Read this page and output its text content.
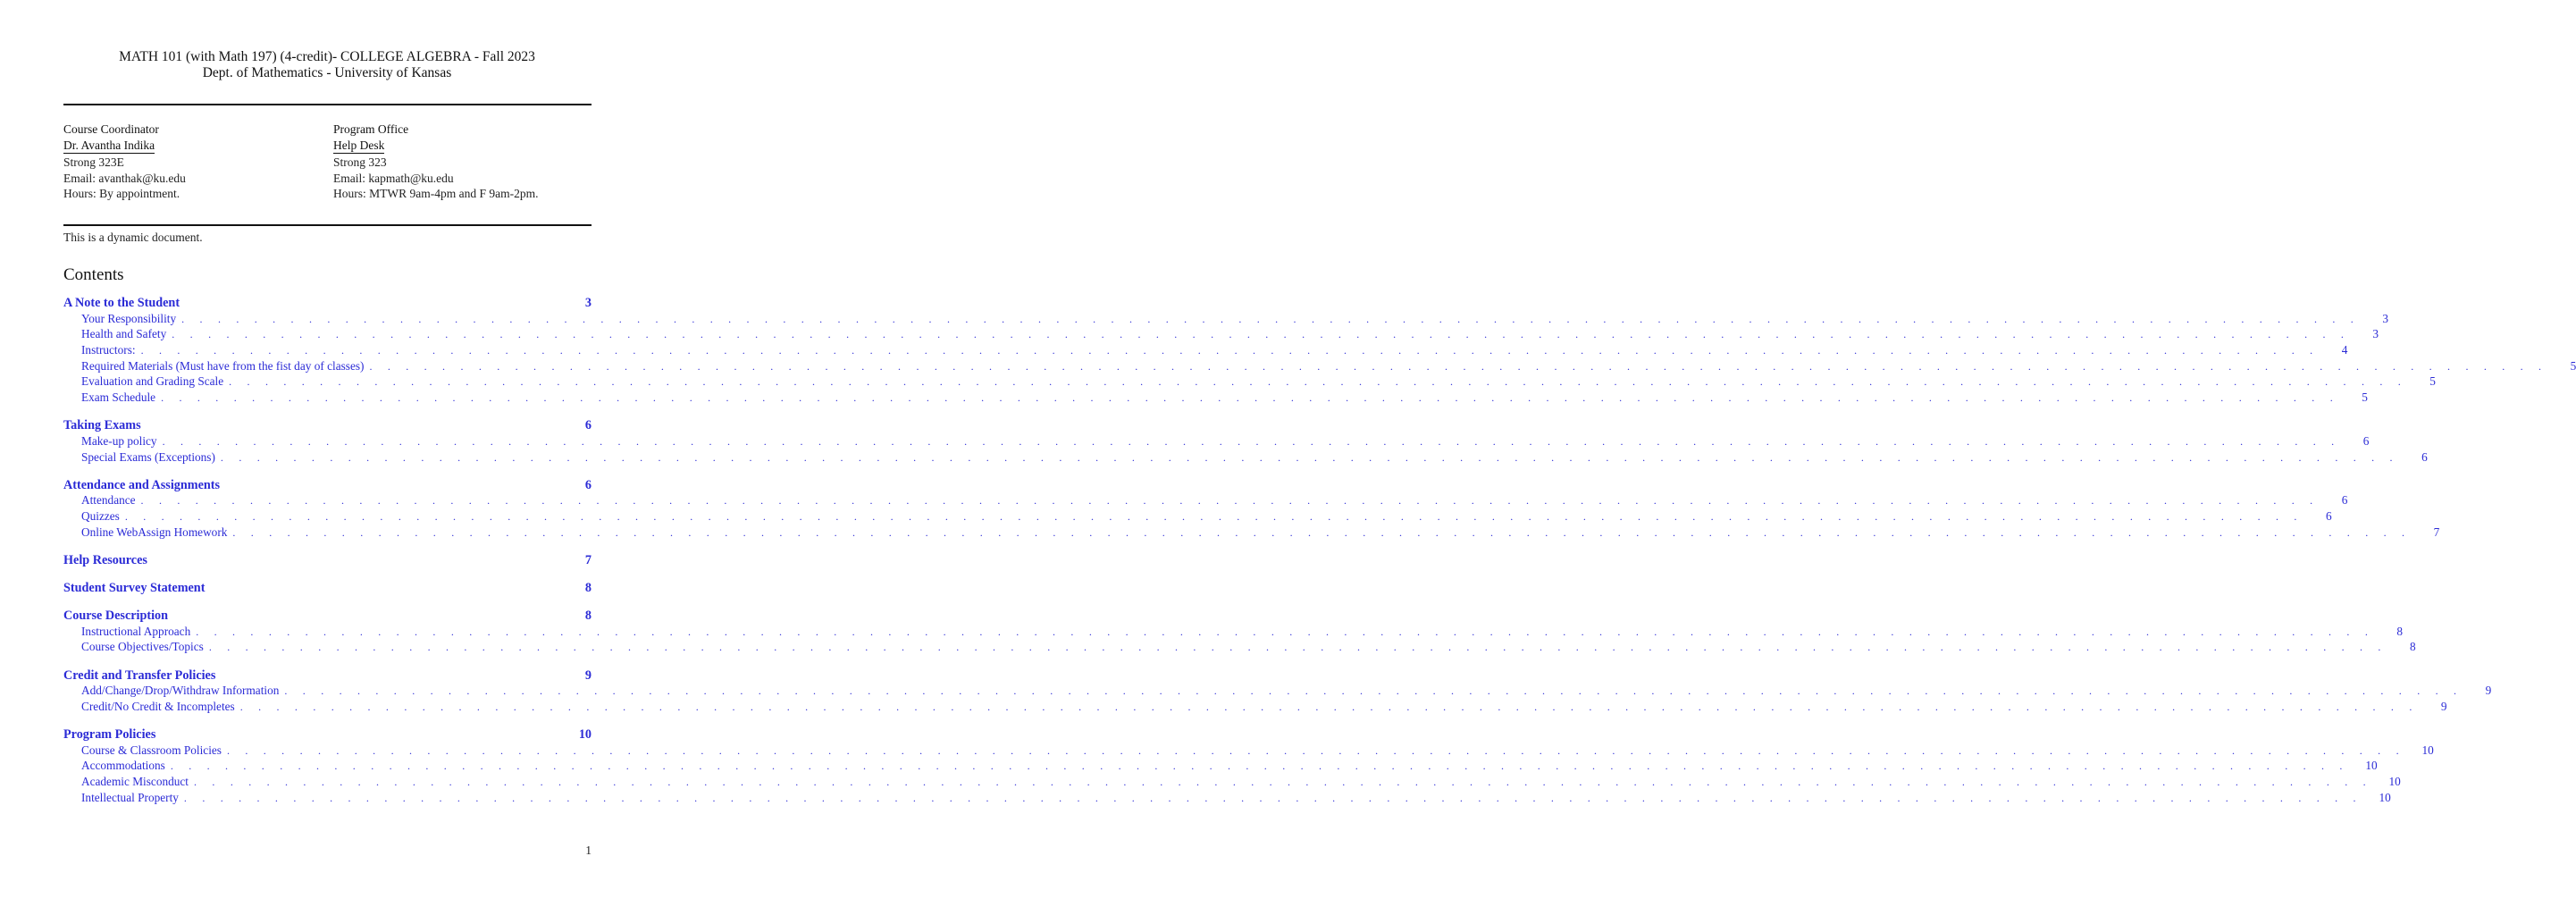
MATH 101 (with Math 197) (4-credit)- COLLEGE ALGEBRA - Fall 2023
Dept. of Mathematics - University of Kansas
Course Coordinator
Dr. Avantha Indika
Strong 323E
Email: avanthak@ku.edu
Hours: By appointment.
Program Office
Help Desk
Strong 323
Email: kapmath@ku.edu
Hours: MTWR 9am-4pm and F 9am-2pm.
This is a dynamic document.
Contents
A Note to the Student	3
Your Responsibility . . . . . . . . . . . . . . . . . . . . . . . . . . . . . . . . . . . . . . . . . . . . . . . . . . . . . . . . . . . . . . . . . . . . . . . . . . . . . . . . . . . . . . . . . . . . . . . . . . . . . . . . . . . . . . . . . . . . . . . .	3
Health and Safety . . . . . . . . . . . . . . . . . . . . . . . . . . . . . . . . . . . . . . . . . . . . . . . . . . . . . . . . . . . . . . . . . . . . . . . . . . . . . . . . . . . . . . . . . . . . . . . . . . . . . . . . . . . . . . . . . . . . . . . .	3
Instructors: . . . . . . . . . . . . . . . . . . . . . . . . . . . . . . . . . . . . . . . . . . . . . . . . . . . . . . . . . . . . . . . . . . . . . . . . . . . . . . . . . . . . . . . . . . . . . . . . . . . . . . . . . . . . . . . . . . . . . . . .	4
Required Materials (Must have from the fist day of classes) . . . . . . . . . . . . . . . . . . . . . . . . . . . . . . . . . . . . . . . . . . . . . . . . . . . . . . . . . . . . . . . . . . . . . . . . . . . . . . . . . . . . . . . . . . . . . . . . . . . . . . . . . . . . . . . . . . . . . . . .	5
Evaluation and Grading Scale . . . . . . . . . . . . . . . . . . . . . . . . . . . . . . . . . . . . . . . . . . . . . . . . . . . . . . . . . . . . . . . . . . . . . . . . . . . . . . . . . . . . . . . . . . . . . . . . . . . . . . . . . . . . . . . . . . . . . . . .	5
Exam Schedule . . . . . . . . . . . . . . . . . . . . . . . . . . . . . . . . . . . . . . . . . . . . . . . . . . . . . . . . . . . . . . . . . . . . . . . . . . . . . . . . . . . . . . . . . . . . . . . . . . . . . . . . . . . . . . . . . . . . . . . .	5
Taking Exams	6
Make-up policy . . . . . . . . . . . . . . . . . . . . . . . . . . . . . . . . . . . . . . . . . . . . . . . . . . . . . . . . . . . . . . . . . . . . . . . . . . . . . . . . . . . . . . . . . . . . . . . . . . . . . . . . . . . . . . . . . . . . . . . .	6
Special Exams (Exceptions) . . . . . . . . . . . . . . . . . . . . . . . . . . . . . . . . . . . . . . . . . . . . . . . . . . . . . . . . . . . . . . . . . . . . . . . . . . . . . . . . . . . . . . . . . . . . . . . . . . . . . . . . . . . . . . . . . . . . . . . .	6
Attendance and Assignments	6
Attendance . . . . . . . . . . . . . . . . . . . . . . . . . . . . . . . . . . . . . . . . . . . . . . . . . . . . . . . . . . . . . . . . . . . . . . . . . . . . . . . . . . . . . . . . . . . . . . . . . . . . . . . . . . . . . . . . . . . . . . . .	6
Quizzes . . . . . . . . . . . . . . . . . . . . . . . . . . . . . . . . . . . . . . . . . . . . . . . . . . . . . . . . . . . . . . . . . . . . . . . . . . . . . . . . . . . . . . . . . . . . . . . . . . . . . . . . . . . . . . . . . . . . . . . .	6
Online WebAssign Homework . . . . . . . . . . . . . . . . . . . . . . . . . . . . . . . . . . . . . . . . . . . . . . . . . . . . . . . . . . . . . . . . . . . . . . . . . . . . . . . . . . . . . . . . . . . . . . . . . . . . . . . . . . . . . . . . . . . . . . . .	7
Help Resources	7
Student Survey Statement	8
Course Description	8
Instructional Approach . . . . . . . . . . . . . . . . . . . . . . . . . . . . . . . . . . . . . . . . . . . . . . . . . . . . . . . . . . . . . . . . . . . . . . . . . . . . . . . . . . . . . . . . . . . . . . . . . . . . . . . . . . . . . . . . . . . . . . . .	8
Course Objectives/Topics . . . . . . . . . . . . . . . . . . . . . . . . . . . . . . . . . . . . . . . . . . . . . . . . . . . . . . . . . . . . . . . . . . . . . . . . . . . . . . . . . . . . . . . . . . . . . . . . . . . . . . . . . . . . . . . . . . . . . . . .	8
Credit and Transfer Policies	9
Add/Change/Drop/Withdraw Information . . . . . . . . . . . . . . . . . . . . . . . . . . . . . . . . . . . . . . . . . . . . . . . . . . . . . . . . . . . . . . . . . . . . . . . . . . . . . . . . . . . . . . . . . . . . . . . . . . . . . . . . . . . . . . . . . . . . . . . .	9
Credit/No Credit & Incompletes . . . . . . . . . . . . . . . . . . . . . . . . . . . . . . . . . . . . . . . . . . . . . . . . . . . . . . . . . . . . . . . . . . . . . . . . . . . . . . . . . . . . . . . . . . . . . . . . . . . . . . . . . . . . . . . . . . . . . . . .	9
Program Policies	10
Course & Classroom Policies . . . . . . . . . . . . . . . . . . . . . . . . . . . . . . . . . . . . . . . . . . . . . . . . . . . . . . . . . . . . . . . . . . . . . . . . . . . . . . . . . . . . . . . . . . . . . . . . . . . . . . . . . . . . . . . . . . . . . . . .	10
Accommodations . . . . . . . . . . . . . . . . . . . . . . . . . . . . . . . . . . . . . . . . . . . . . . . . . . . . . . . . . . . . . . . . . . . . . . . . . . . . . . . . . . . . . . . . . . . . . . . . . . . . . . . . . . . . . . . . . . . . . . . .	10
Academic Misconduct . . . . . . . . . . . . . . . . . . . . . . . . . . . . . . . . . . . . . . . . . . . . . . . . . . . . . . . . . . . . . . . . . . . . . . . . . . . . . . . . . . . . . . . . . . . . . . . . . . . . . . . . . . . . . . . . . . . . . . . .	10
Intellectual Property . . . . . . . . . . . . . . . . . . . . . . . . . . . . . . . . . . . . . . . . . . . . . . . . . . . . . . . . . . . . . . . . . . . . . . . . . . . . . . . . . . . . . . . . . . . . . . . . . . . . . . . . . . . . . . . . . . . . . . . .	10
1
